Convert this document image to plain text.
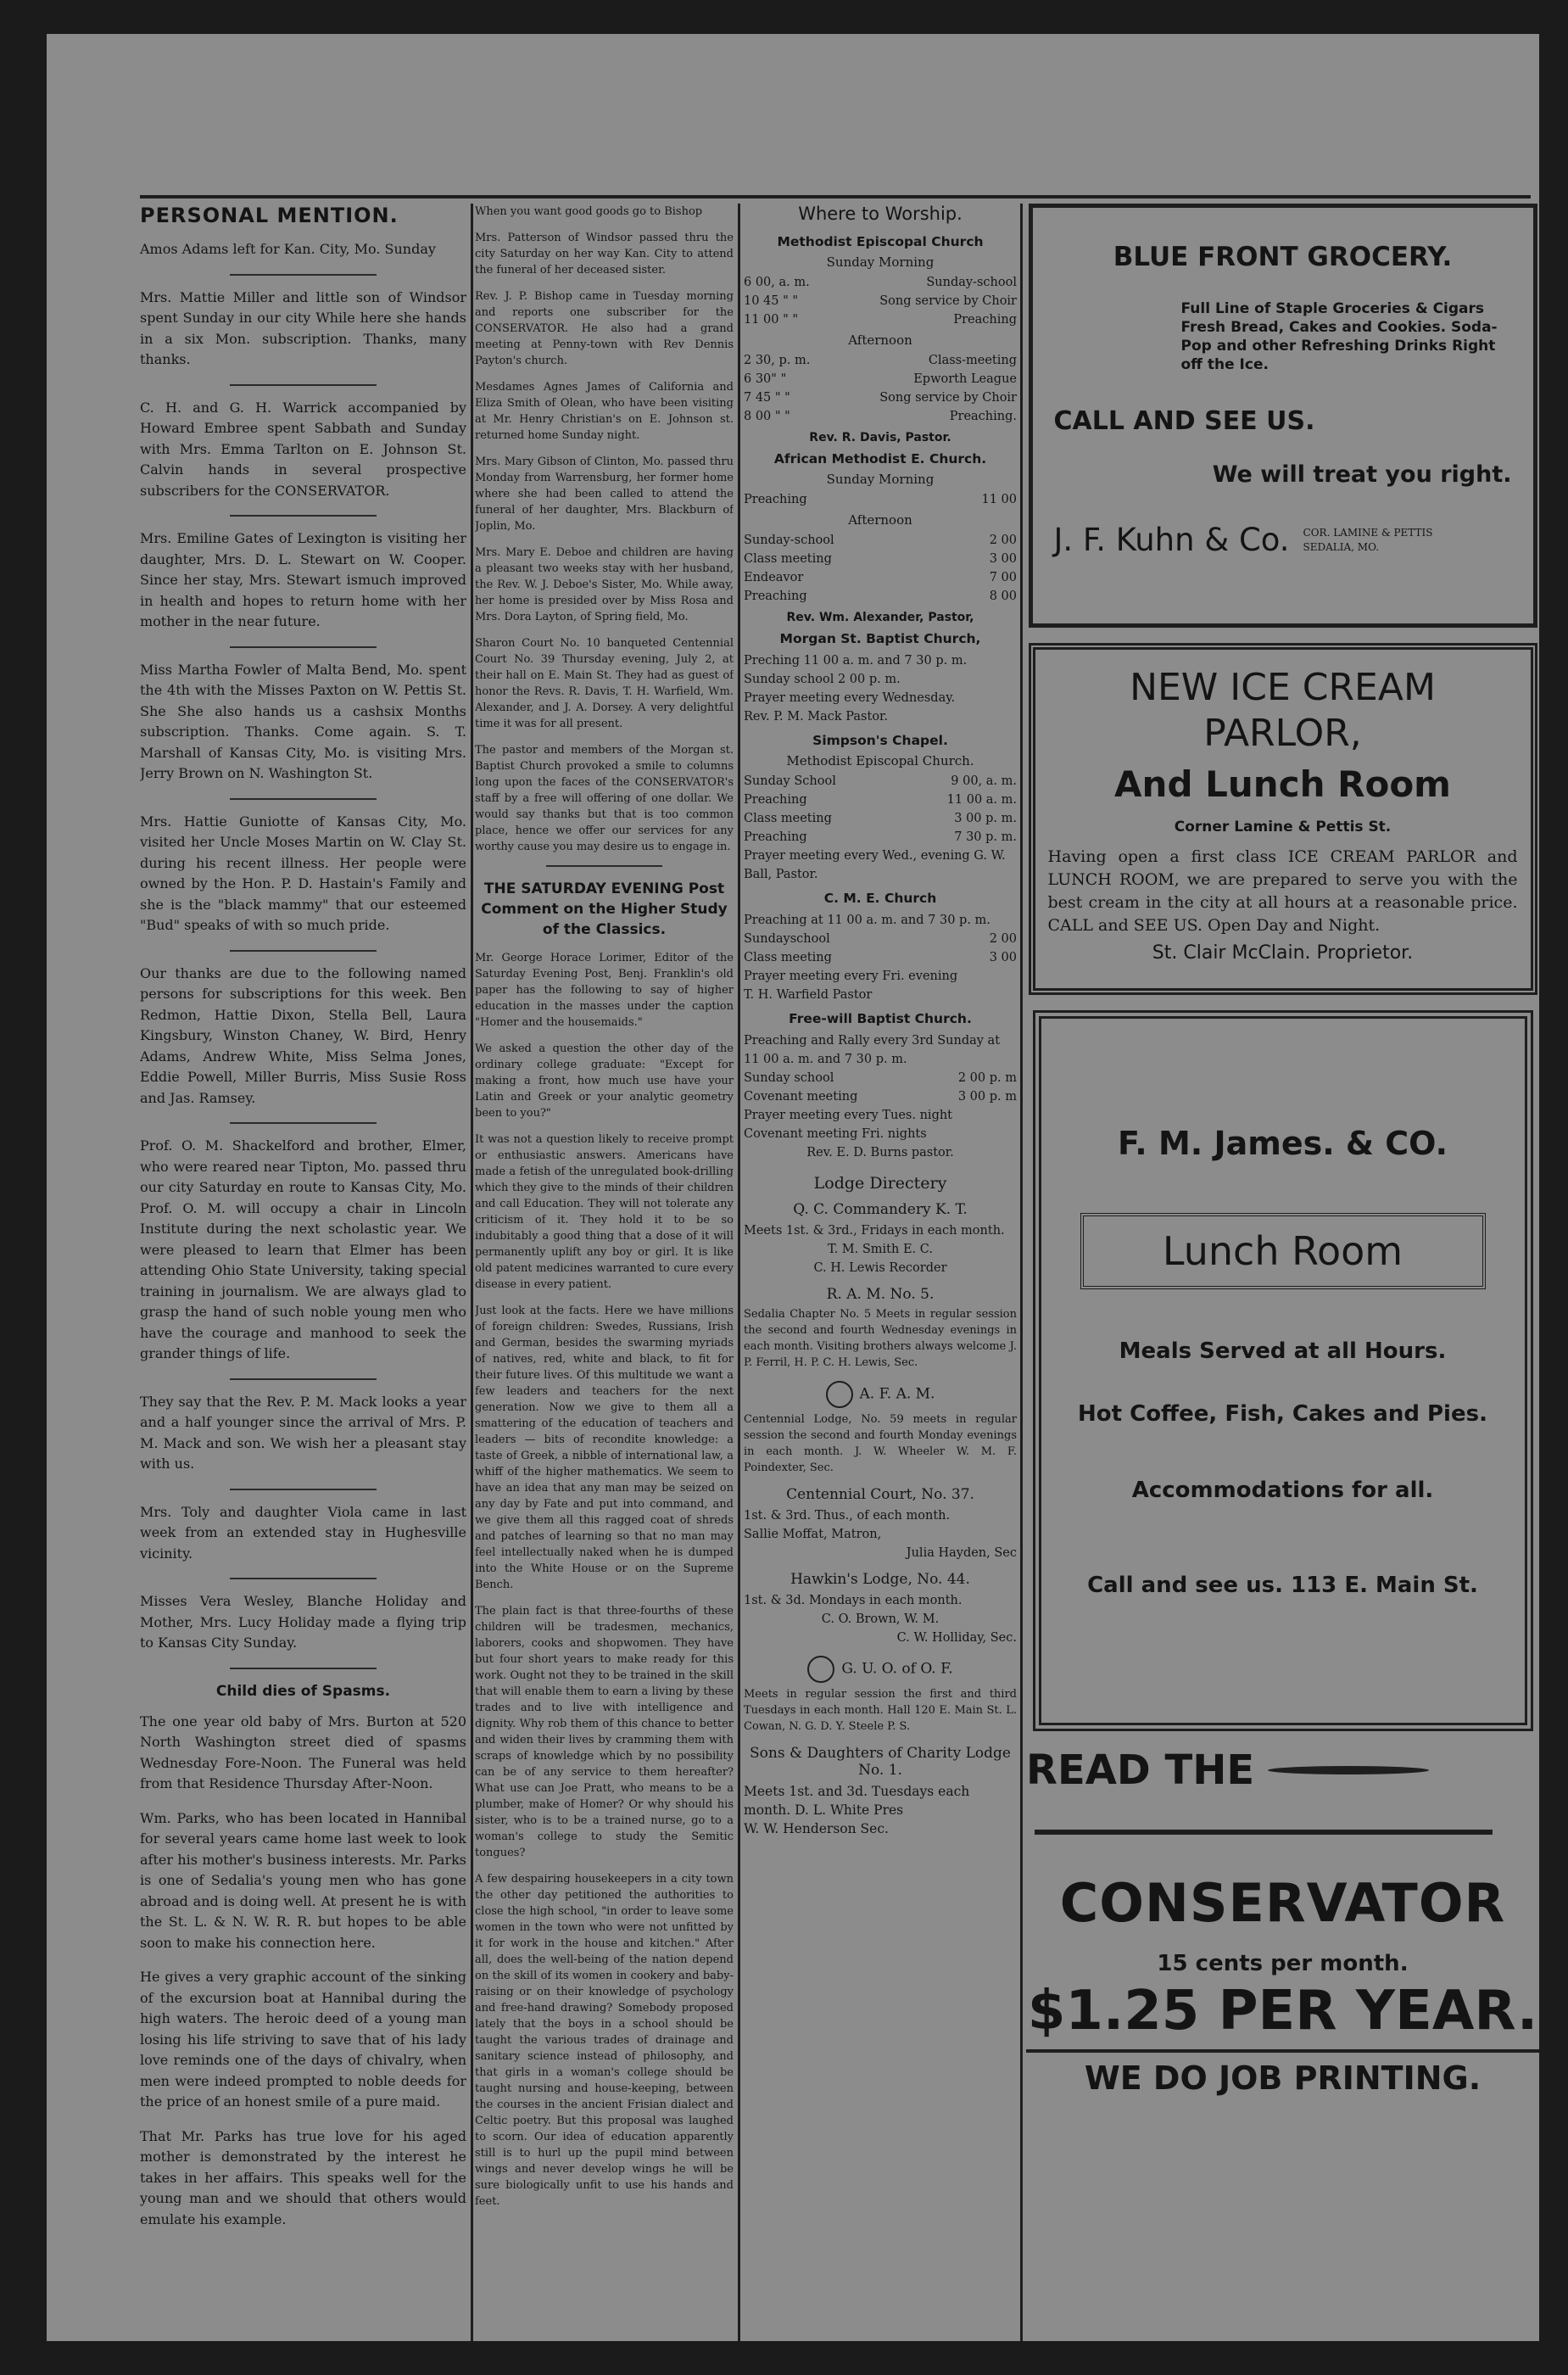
PERSONAL MENTION.

Amos Adams left for Kan. City, Mo. Sunday

Mrs. Mattie Miller and little son of Windsor spent Sunday in our city While here she hands in a six Mon. subscription. Thanks, many thanks.

C. H. and G. H. Warrick accompanied by Howard Embree spent Sabbath and Sunday with Mrs. Emma Tarlton on E. Johnson St. Calvin hands in several prospective subscribers for the CONSERVATOR.

Mrs. Emiline Gates of Lexington is visiting her daughter, Mrs. D. L. Stewart on W. Cooper. Since her stay, Mrs. Stewart ismuch improved in health and hopes to return home with her mother in the near future.

Miss Martha Fowler of Malta Bend, Mo. spent the 4th with the Misses Paxton on W. Pettis St. She She also hands us a cashsix Months subscription. Thanks. Come again. S. T. Marshall of Kansas City, Mo. is visiting Mrs. Jerry Brown on N. Washington St.

Mrs. Hattie Guniotte of Kansas City, Mo. visited her Uncle Moses Martin on W. Clay St. during his recent illness. Her people were owned by the Hon. P. D. Hastain's Family and she is the "black mammy" that our esteemed "Bud" speaks of with so much pride.

Our thanks are due to the following named persons for subscriptions for this week. Ben Redmon, Hattie Dixon, Stella Bell, Laura Kingsbury, Winston Chaney, W. Bird, Henry Adams, Andrew White, Miss Selma Jones, Eddie Powell, Miller Burris, Miss Susie Ross and Jas. Ramsey.

Prof. O. M. Shackelford and brother, Elmer, who were reared near Tipton, Mo. passed thru our city Saturday en route to Kansas City, Mo. Prof. O. M. will occupy a chair in Lincoln Institute during the next scholastic year. We were pleased to learn that Elmer has been attending Ohio State University, taking special training in journalism. We are always glad to grasp the hand of such noble young men who have the courage and manhood to seek the grander things of life.

They say that the Rev. P. M. Mack looks a year and a half younger since the arrival of Mrs. P. M. Mack and son. We wish her a pleasant stay with us.

Mrs. Toly and daughter Viola came in last week from an extended stay in Hughesville vicinity.

Misses Vera Wesley, Blanche Holiday and Mother, Mrs. Lucy Holiday made a flying trip to Kansas City Sunday.

Child dies of Spasms.

The one year old baby of Mrs. Burton at 520 North Washington street died of spasms Wednesday Fore-Noon. The Funeral was held from that Residence Thursday After-Noon.

Wm. Parks, who has been located in Hannibal for several years came home last week to look after his mother's business interests. Mr. Parks is one of Sedalia's young men who has gone abroad and is doing well. At present he is with the St. L. & N. W. R. R. but hopes to be able soon to make his connection here.

He gives a very graphic account of the sinking of the excursion boat at Hannibal during the high waters. The heroic deed of a young man losing his life striving to save that of his lady love reminds one of the days of chivalry, when men were indeed prompted to noble deeds for the price of an honest smile of a pure maid.

That Mr. Parks has true love for his aged mother is demonstrated by the interest he takes in her affairs. This speaks well for the young man and we should that others would emulate his example.

When you want good goods go to Bishop

Mrs. Patterson of Windsor passed thru the city Saturday on her way Kan. City to attend the funeral of her deceased sister.

Rev. J. P. Bishop came in Tuesday morning and reports one subscriber for the CONSERVATOR. He also had a grand meeting at Penny-town with Rev Dennis Payton's church.

Mesdames Agnes James of California and Eliza Smith of Olean, who have been visiting at Mr. Henry Christian's on E. Johnson st. returned home Sunday night.

Mrs. Mary Gibson of Clinton, Mo. passed thru Monday from Warrensburg, her former home where she had been called to attend the funeral of her daughter, Mrs. Blackburn of Joplin, Mo.

Mrs. Mary E. Deboe and children are having a pleasant two weeks stay with her husband, the Rev. W. J. Deboe's Sister, Mo. While away, her home is presided over by Miss Rosa and Mrs. Dora Layton, of Spring field, Mo.

Sharon Court No. 10 banqueted Centennial Court No. 39 Thursday evening, July 2, at their hall on E. Main St. They had as guest of honor the Revs. R. Davis, T. H. Warfield, Wm. Alexander, and J. A. Dorsey. A very delightful time it was for all present.

The pastor and members of the Morgan st. Baptist Church provoked a smile to columns long upon the faces of the CONSERVATOR's staff by a free will offering of one dollar. We would say thanks but that is too common place, hence we offer our services for any worthy cause you may desire us to engage in.

THE SATURDAY EVENING Post Comment on the Higher Study of the Classics.

Mr. George Horace Lorimer, Editor of the Saturday Evening Post, Benj. Franklin's old paper has the following to say of higher education in the masses under the caption "Homer and the housemaids."

We asked a question the other day of the ordinary college graduate: "Except for making a front, how much use have your Latin and Greek or your analytic geometry been to you?"

It was not a question likely to receive prompt or enthusiastic answers. Americans have made a fetish of the unregulated book-drilling which they give to the minds of their children and call Education. They will not tolerate any criticism of it. They hold it to be so indubitably a good thing that a dose of it will permanently uplift any boy or girl. It is like old patent medicines warranted to cure every disease in every patient.

Just look at the facts. Here we have millions of foreign children: Swedes, Russians, Irish and German, besides the swarming myriads of natives, red, white and black, to fit for their future lives. Of this multitude we want a few leaders and teachers for the next generation. Now we give to them all a smattering of the education of teachers and leaders — bits of recondite knowledge: a taste of Greek, a nibble of international law, a whiff of the higher mathematics. We seem to have an idea that any man may be seized on any day by Fate and put into command, and we give them all this ragged coat of shreds and patches of learning so that no man may feel intellectually naked when he is dumped into the White House or on the Supreme Bench.

The plain fact is that three-fourths of these children will be tradesmen, mechanics, laborers, cooks and shopwomen. They have but four short years to make ready for this work. Ought not they to be trained in the skill that will enable them to earn a living by these trades and to live with intelligence and dignity. Why rob them of this chance to better and widen their lives by cramming them with scraps of knowledge which by no possibility can be of any service to them hereafter? What use can Joe Pratt, who means to be a plumber, make of Homer? Or why should his sister, who is to be a trained nurse, go to a woman's college to study the Semitic tongues?

A few despairing housekeepers in a city town the other day petitioned the authorities to close the high school, "in order to leave some women in the town who were not unfitted by it for work in the house and kitchen." After all, does the well-being of the nation depend on the skill of its women in cookery and baby-raising or on their knowledge of psychology and free-hand drawing? Somebody proposed lately that the boys in a school should be taught the various trades of drainage and sanitary science instead of philosophy, and that girls in a woman's college should be taught nursing and house-keeping, between the courses in the ancient Frisian dialect and Celtic poetry. But this proposal was laughed to scorn. Our idea of education apparently still is to hurl up the pupil mind between wings and never develop wings he will be sure biologically unfit to use his hands and feet.

Where to Worship.
Methodist Episcopal Church
Sunday Morning
6 00, a. m.	Sunday-school
10 45 " "	Song service by Choir
11 00 " "	Preaching
Afternoon
2 30, p. m.	Class-meeting
6 30" "	Epworth League
7 45 " "	Song service by Choir
8 00 " "	Preaching.
Rev. R. Davis, Pastor.
African Methodist E. Church.
Sunday Morning
Preaching	11 00
Afternoon
Sunday-school	2 00
Class meeting	3 00
Endeavor	7 00
Preaching	8 00
Rev. Wm. Alexander, Pastor,
Morgan St. Baptist Church,
Preching 11 00 a. m. and 7 30 p. m.
Sunday school 2 00 p. m.
Prayer meeting every Wednesday.
Rev. P. M. Mack Pastor.
Simpson's Chapel.
Methodist Episcopal Church.
Sunday School	9 00, a. m.
Preaching	11 00 a. m.
Class meeting	3 00 p. m.
Preaching	7 30 p. m.
Prayer meeting every Wed., evening G. W. Ball, Pastor.
C. M. E. Church
Preaching at 11 00 a. m. and 7 30 p. m.
Sundayschool	2 00
Class meeting	3 00
Prayer meeting every Fri. evening
T. H. Warfield Pastor
Free-will Baptist Church.
Preaching and Rally every 3rd Sunday at 11 00 a. m. and 7 30 p. m.
Sunday school	2 00 p. m
Covenant meeting	3 00 p. m
Prayer meeting every Tues. night
Covenant meeting Fri. nights
Rev. E. D. Burns pastor.
Lodge Directery
Q. C. Commandery K. T.
Meets 1st. & 3rd., Fridays in each month.
T. M. Smith E. C.
C. H. Lewis Recorder
R. A. M. No. 5.
Sedalia Chapter No. 5 Meets in regular session the second and fourth Wednesday evenings in each month. Visiting brothers always welcome J. P. Ferril, H. P. C. H. Lewis, Sec.
A. F. A. M.
Centennial Lodge, No. 59 meets in regular session the second and fourth Monday evenings in each month. J. W. Wheeler W. M. F. Poindexter, Sec.
Centennial Court, No. 37.
1st. & 3rd. Thus., of each month.
Sallie Moffat, Matron,
Julia Hayden, Sec
Hawkin's Lodge, No. 44.
1st. & 3d. Mondays in each month.
C. O. Brown, W. M.
C. W. Holliday, Sec.
G. U. O. of O. F.
Meets in regular session the first and third Tuesdays in each month. Hall 120 E. Main St. L. Cowan, N. G. D. Y. Steele P. S.
Sons & Daughters of Charity Lodge No. 1.
Meets 1st. and 3d. Tuesdays each month. D. L. White Pres
W. W. Henderson Sec.
BLUE FRONT GROCERY.
Full Line of Staple Groceries & Cigars Fresh Bread, Cakes and Cookies. Soda-Pop and other Refreshing Drinks Right off the Ice.
CALL AND SEE US.
We will treat you right.
J. F. Kuhn & Co. COR. LAMINE & PETTIS SEDALIA, MO.
NEW ICE CREAM
PARLOR,
And Lunch Room
Corner Lamine & Pettis St.
Having open a first class ICE CREAM PARLOR and LUNCH ROOM, we are prepared to serve you with the best cream in the city at all hours at a reasonable price. CALL and SEE US. Open Day and Night.
St. Clair McClain. Proprietor.
F. M. James. & CO.
Lunch Room
Meals Served at all Hours.
Hot Coffee, Fish, Cakes and Pies.
Accommodations for all.
Call and see us. 113 E. Main St.
READ THE
CONSERVATOR
15 cents per month.
$1.25 PER YEAR.
WE DO JOB PRINTING.
